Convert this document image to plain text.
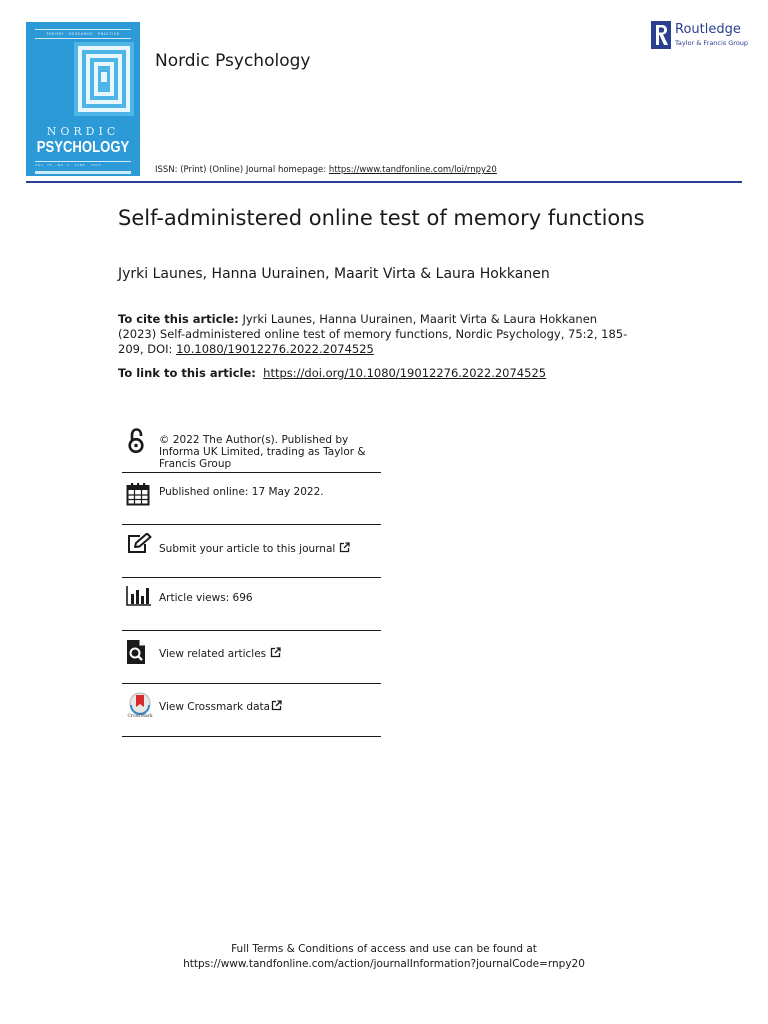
THEORY · RESEARCH · PRACTICE
NORDIC
PSYCHOLOGY
VOL. 75 · NO. 2 · JUNE · 2023
Nordic Psychology
Routledge
Taylor & Francis Group
ISSN: (Print) (Online) Journal homepage: https://www.tandfonline.com/loi/rnpy20
Self-administered online test of memory functions
Jyrki Launes, Hanna Uurainen, Maarit Virta & Laura Hokkanen
To cite this article: Jyrki Launes, Hanna Uurainen, Maarit Virta & Laura Hokkanen (2023) Self-administered online test of memory functions, Nordic Psychology, 75:2, 185-209, DOI: 10.1080/19012276.2022.2074525
To link to this article: https://doi.org/10.1080/19012276.2022.2074525
© 2022 The Author(s). Published by Informa UK Limited, trading as Taylor & Francis Group
Published online: 17 May 2022.
Submit your article to this journal
Article views: 696
View related articles
CrossMark
View Crossmark data
Full Terms & Conditions of access and use can be found at
https://www.tandfonline.com/action/journalInformation?journalCode=rnpy20
